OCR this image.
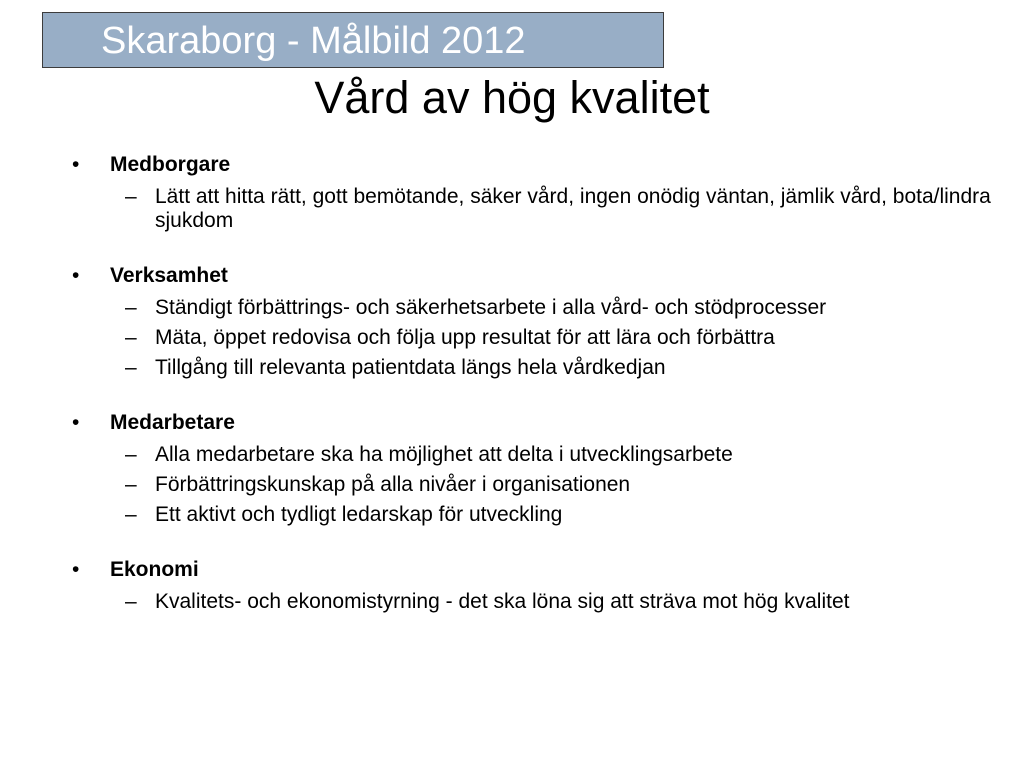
Skaraborg - Målbild 2012
Vård av hög kvalitet
• Medborgare
– Lätt att hitta rätt, gott bemötande, säker vård, ingen onödig väntan, jämlik vård, bota/lindra sjukdom
• Verksamhet
– Ständigt förbättrings- och säkerhetsarbete i alla vård- och stödprocesser
– Mäta, öppet redovisa och följa upp resultat för att lära och förbättra
– Tillgång till relevanta patientdata längs hela vårdkedjan
• Medarbetare
– Alla medarbetare ska ha möjlighet att delta i utvecklingsarbete
– Förbättringskunskap på alla nivåer i organisationen
– Ett aktivt och tydligt ledarskap för utveckling
• Ekonomi
– Kvalitets- och ekonomistyrning - det ska löna sig att sträva mot hög kvalitet
